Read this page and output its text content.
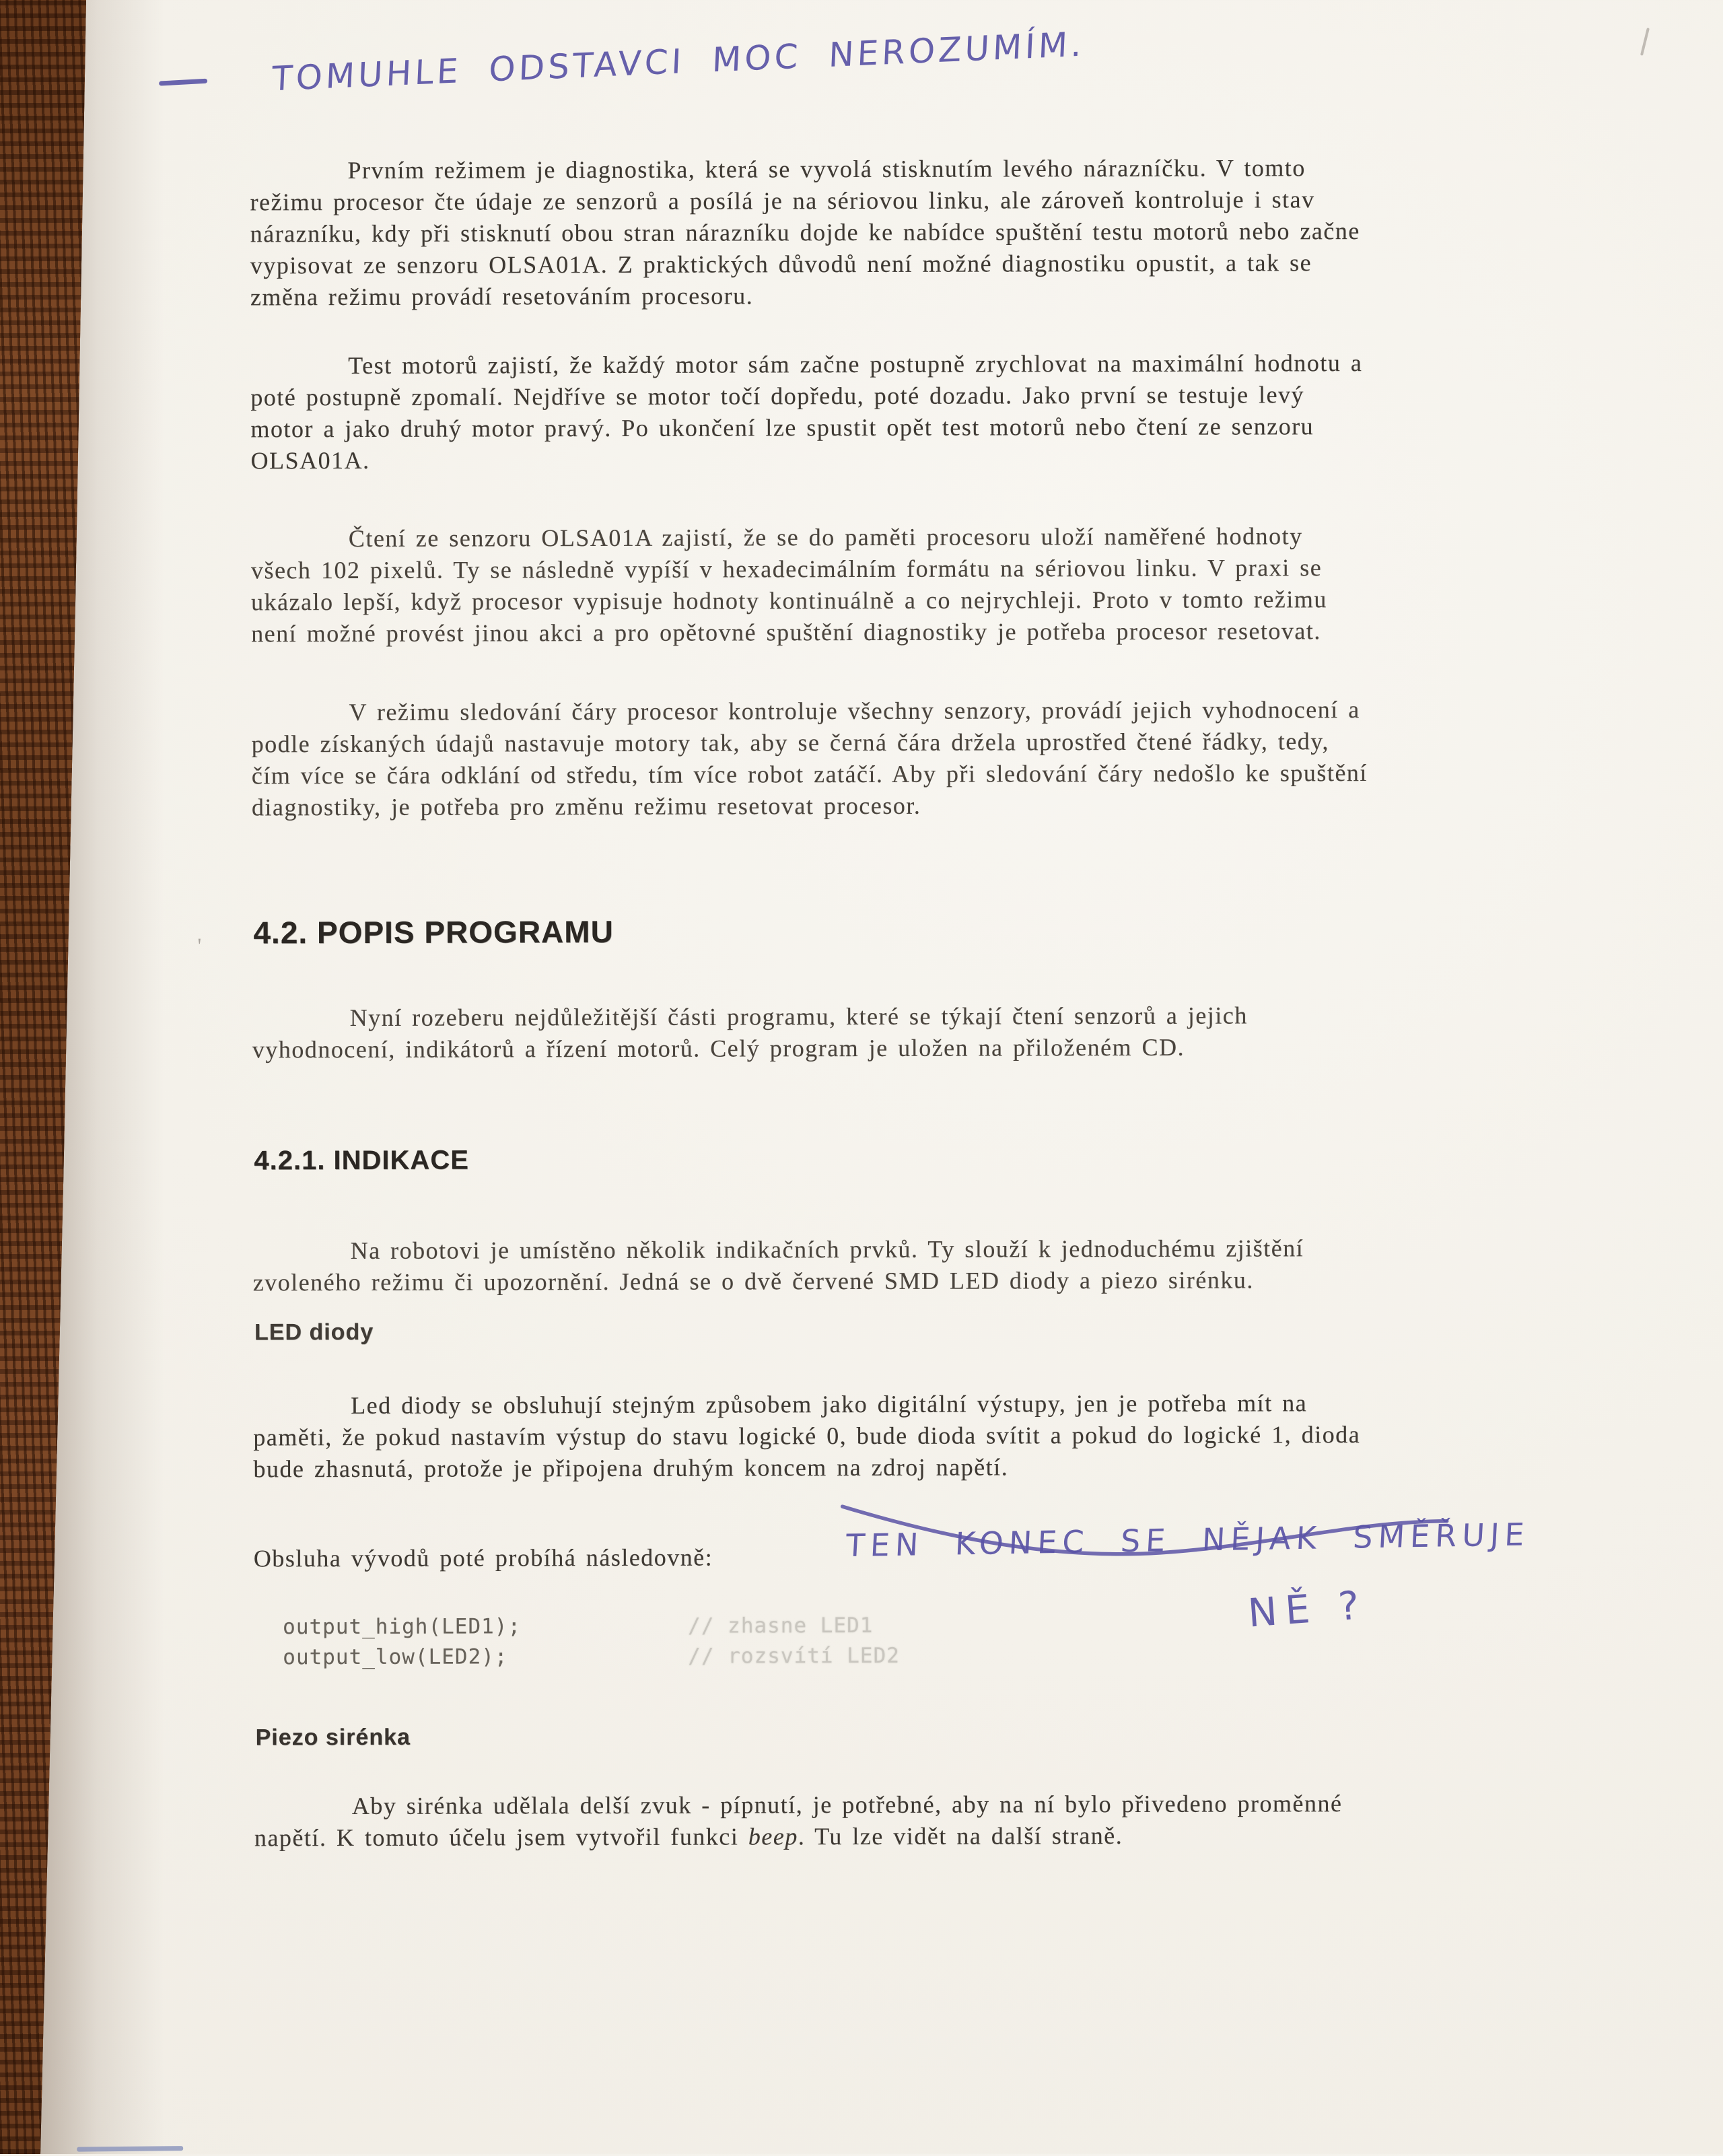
TOMUHLE ODSTAVCI MOC NEROZUMÍM.
Prvním režimem je diagnostika, která se vyvolá stisknutím levého nárazníčku. V tomto
režimu procesor čte údaje ze senzorů a posílá je na sériovou linku, ale zároveň kontroluje i stav
nárazníku, kdy při stisknutí obou stran nárazníku dojde ke nabídce spuštění testu motorů nebo začne
vypisovat ze senzoru OLSA01A. Z praktických důvodů není možné diagnostiku opustit, a tak se
změna režimu provádí resetováním procesoru.
Test motorů zajistí, že každý motor sám začne postupně zrychlovat na maximální hodnotu a
poté postupně zpomalí. Nejdříve se motor točí dopředu, poté dozadu. Jako první se testuje levý
motor a jako druhý motor pravý. Po ukončení lze spustit opět test motorů nebo čtení ze senzoru
OLSA01A.
Čtení ze senzoru OLSA01A zajistí, že se do paměti procesoru uloží naměřené hodnoty
všech 102 pixelů. Ty se následně vypíší v hexadecimálním formátu na sériovou linku. V praxi se
ukázalo lepší, když procesor vypisuje hodnoty kontinuálně a co nejrychleji. Proto v tomto režimu
není možné provést jinou akci a pro opětovné spuštění diagnostiky je potřeba procesor resetovat.
V režimu sledování čáry procesor kontroluje všechny senzory, provádí jejich vyhodnocení a
podle získaných údajů nastavuje motory tak, aby se černá čára držela uprostřed čtené řádky, tedy,
čím více se čára odklání od středu, tím více robot zatáčí. Aby při sledování čáry nedošlo ke spuštění
diagnostiky, je potřeba pro změnu režimu resetovat procesor.
4.2. POPIS PROGRAMU
Nyní rozeberu nejdůležitější části programu, které se týkají čtení senzorů a jejich
vyhodnocení, indikátorů a řízení motorů. Celý program je uložen na přiloženém CD.
4.2.1. INDIKACE
Na robotovi je umístěno několik indikačních prvků. Ty slouží k jednoduchému zjištění
zvoleného režimu či upozornění. Jedná se o dvě červené SMD LED diody a piezo sirénku.
LED diody
Led diody se obsluhují stejným způsobem jako digitální výstupy, jen je potřeba mít na
paměti, že pokud nastavím výstup do stavu logické 0, bude dioda svítit a pokud do logické 1, dioda
bude zhasnutá, protože je připojena druhým koncem na zdroj napětí.
Obsluha vývodů poté probíhá následovně:	TEN KONEC SE NĚJAK SMĚŘUJE
NĚ ?
output_high(LED1);	// zhasne LED1
output_low(LED2);	// rozsvítí LED2
Piezo sirénka
Aby sirénka udělala delší zvuk - pípnutí, je potřebné, aby na ní bylo přivedeno proměnné
napětí. K tomuto účelu jsem vytvořil funkci beep. Tu lze vidět na další straně.
'
